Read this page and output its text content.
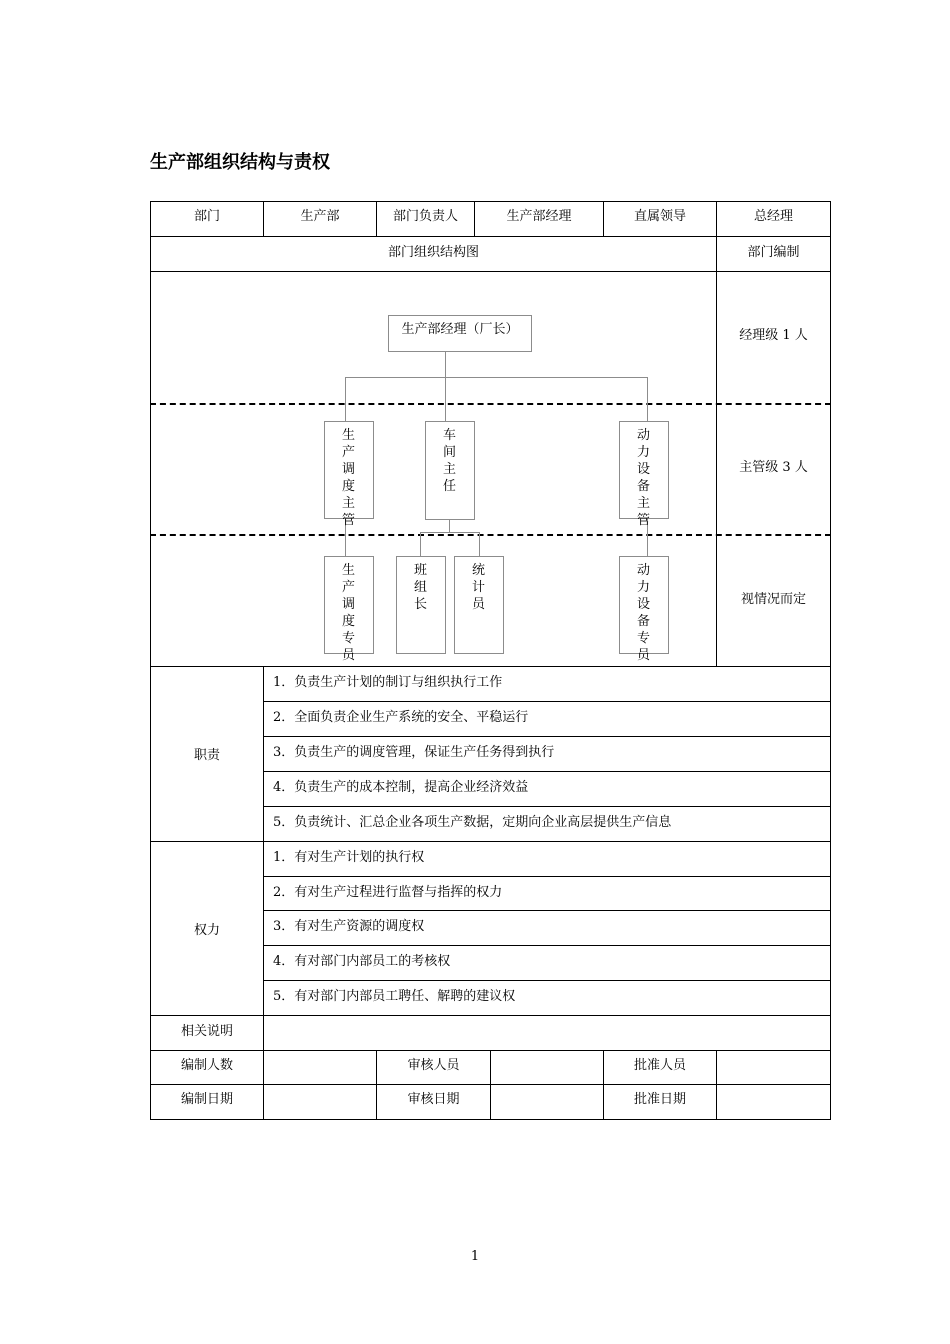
生产部组织结构与责权
部门	生产部	部门负责人	生产部经理	直属领导	总经理
部门组织结构图	部门编制
经理级 1 人
主管级 3 人
视情况而定
生产部经理（厂长）
生产调度主管
车间主任
动力设备主管
生产调度专员
班组长
统计员
动力设备专员
职责
1．负责生产计划的制订与组织执行工作
2．全面负责企业生产系统的安全、平稳运行
3．负责生产的调度管理，保证生产任务得到执行
4．负责生产的成本控制，提高企业经济效益
5．负责统计、汇总企业各项生产数据，定期向企业高层提供生产信息
权力
1．有对生产计划的执行权
2．有对生产过程进行监督与指挥的权力
3．有对生产资源的调度权
4．有对部门内部员工的考核权
5．有对部门内部员工聘任、解聘的建议权
相关说明
编制人数	审核人员	批准人员
编制日期	审核日期	批准日期
1
